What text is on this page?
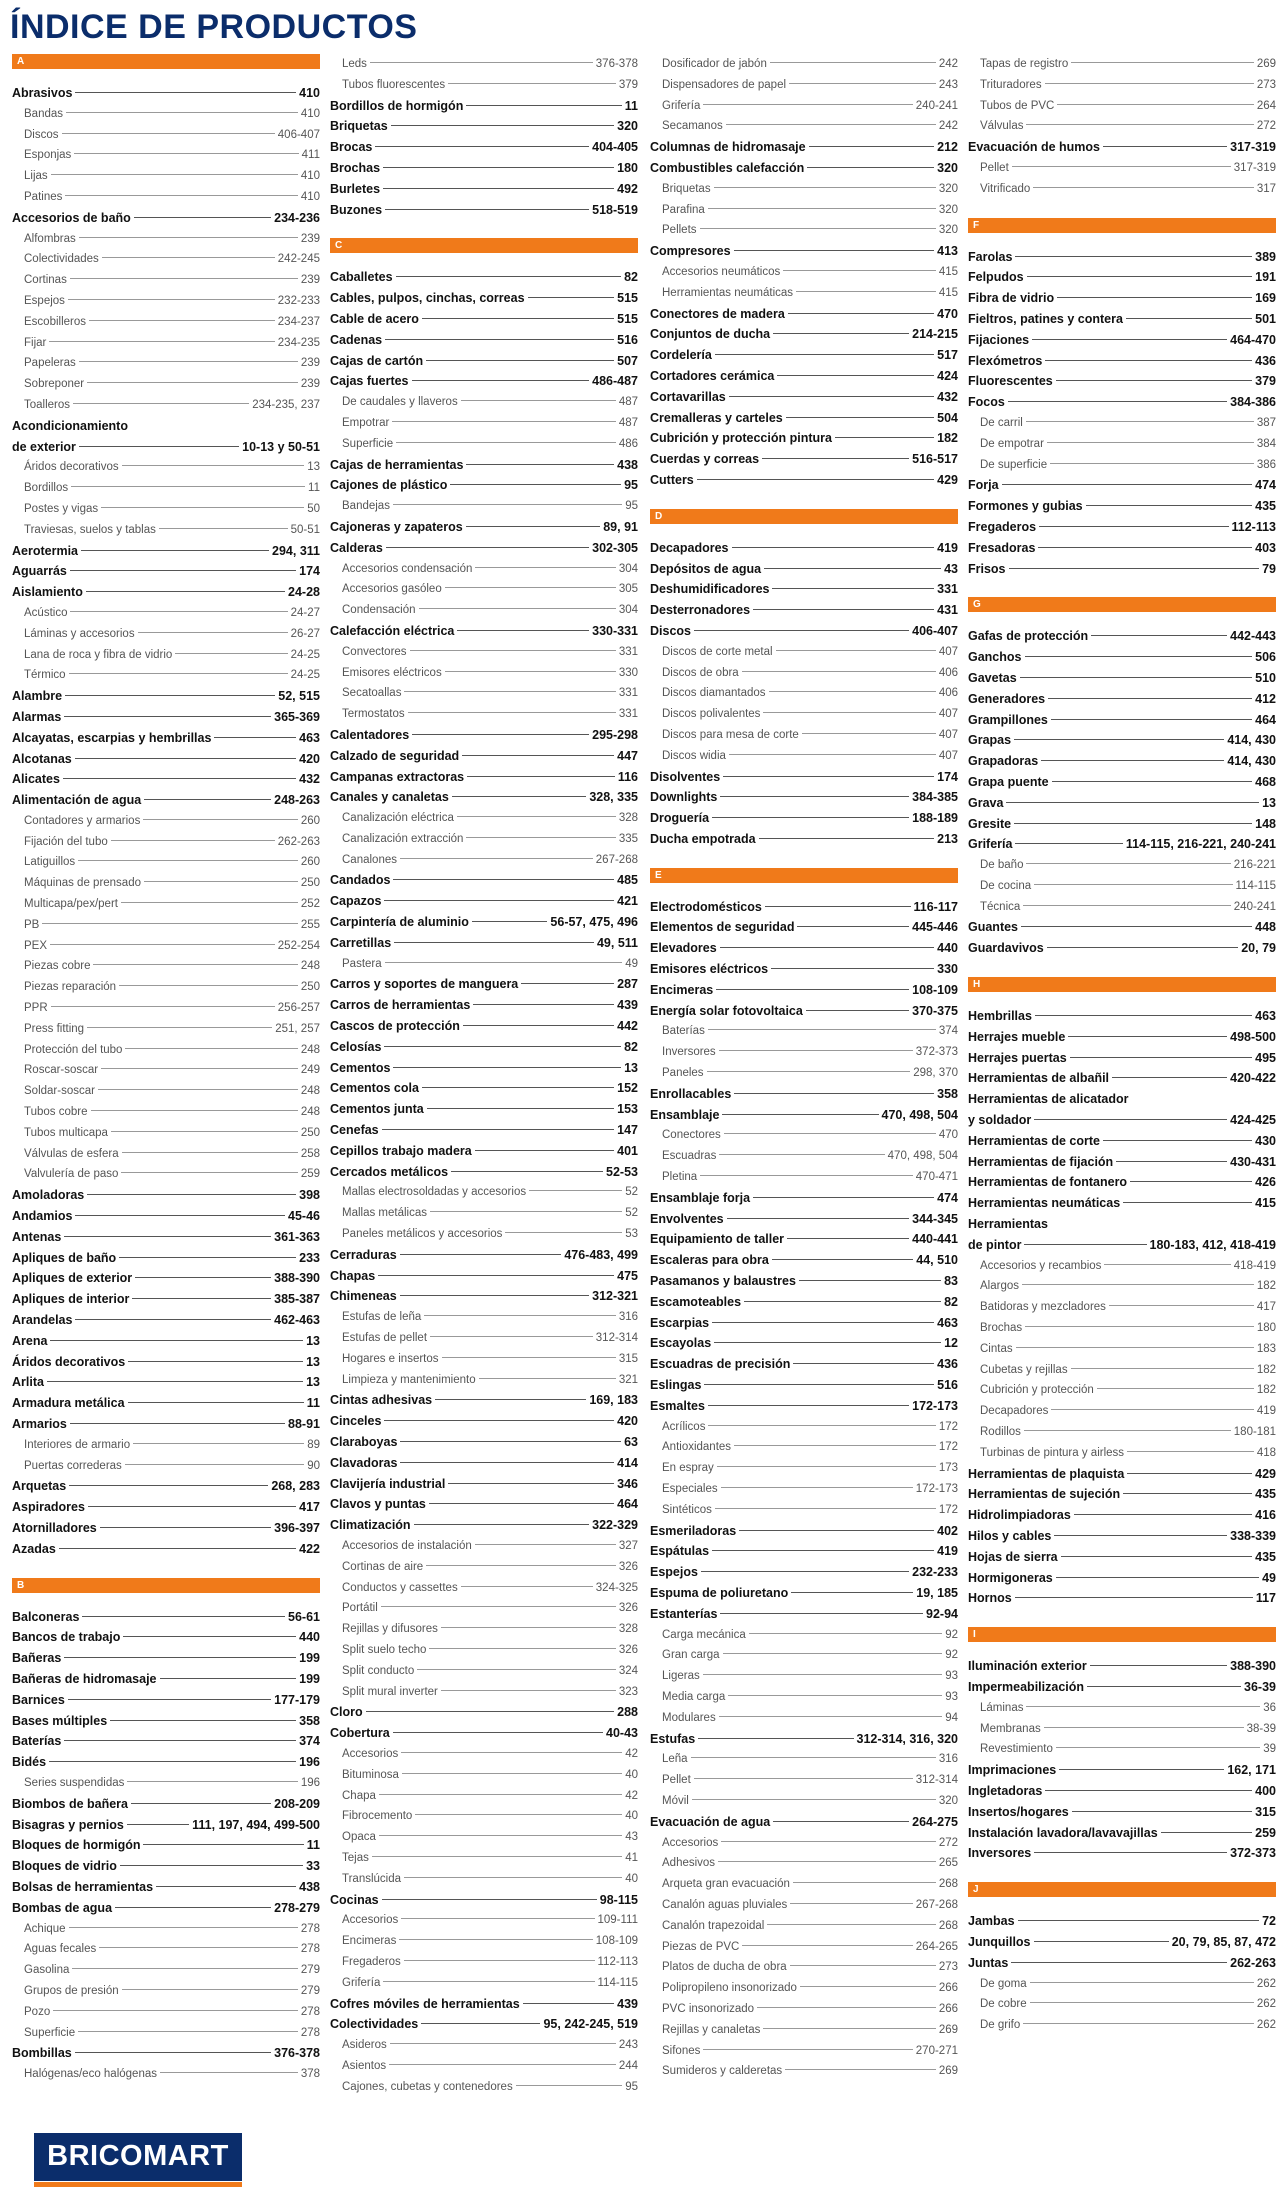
ÍNDICE DE PRODUCTOS
A
Abrasivos	410
Bandas	410
Discos	406-407
Esponjas	411
Lijas	410
Patines	410
Accesorios de baño	234-236
Alfombras	239
Colectividades	242-245
Cortinas	239
Espejos	232-233
Escobilleros	234-237
Fijar	234-235
Papeleras	239
Sobreponer	239
Toalleros	234-235, 237
Acondicionamiento
de exterior	10-13 y 50-51
Áridos decorativos	13
Bordillos	11
Postes y vigas	50
Traviesas, suelos y tablas	50-51
Aerotermia	294, 311
Aguarrás	174
Aislamiento	24-28
Acústico	24-27
Láminas y accesorios	26-27
Lana de roca y fibra de vidrio	24-25
Térmico	24-25
Alambre	52, 515
Alarmas	365-369
Alcayatas, escarpias y hembrillas	463
Alcotanas	420
Alicates	432
Alimentación de agua	248-263
Contadores y armarios	260
Fijación del tubo	262-263
Latiguillos	260
Máquinas de prensado	250
Multicapa/pex/pert	252
PB	255
PEX	252-254
Piezas cobre	248
Piezas reparación	250
PPR	256-257
Press fitting	251, 257
Protección del tubo	248
Roscar-soscar	249
Soldar-soscar	248
Tubos cobre	248
Tubos multicapa	250
Válvulas de esfera	258
Valvulería de paso	259
Amoladoras	398
Andamios	45-46
Antenas	361-363
Apliques de baño	233
Apliques de exterior	388-390
Apliques de interior	385-387
Arandelas	462-463
Arena	13
Áridos decorativos	13
Arlita	13
Armadura metálica	11
Armarios	88-91
Interiores de armario	89
Puertas correderas	90
Arquetas	268, 283
Aspiradores	417
Atornilladores	396-397
Azadas	422
B
Balconeras	56-61
Bancos de trabajo	440
Bañeras	199
Bañeras de hidromasaje	199
Barnices	177-179
Bases múltiples	358
Baterías	374
Bidés	196
Series suspendidas	196
Biombos de bañera	208-209
Bisagras y pernios	111, 197, 494, 499-500
Bloques de hormigón	11
Bloques de vidrio	33
Bolsas de herramientas	438
Bombas de agua	278-279
Achique	278
Aguas fecales	278
Gasolina	279
Grupos de presión	279
Pozo	278
Superficie	278
Bombillas	376-378
Halógenas/eco halógenas	378
Leds	376-378
Tubos fluorescentes	379
Bordillos de hormigón	11
Briquetas	320
Brocas	404-405
Brochas	180
Burletes	492
Buzones	518-519
C
Caballetes	82
Cables, pulpos, cinchas, correas	515
Cable de acero	515
Cadenas	516
Cajas de cartón	507
Cajas fuertes	486-487
De caudales y llaveros	487
Empotrar	487
Superficie	486
Cajas de herramientas	438
Cajones de plástico	95
Bandejas	95
Cajoneras y zapateros	89, 91
Calderas	302-305
Accesorios condensación	304
Accesorios gasóleo	305
Condensación	304
Calefacción eléctrica	330-331
Convectores	331
Emisores eléctricos	330
Secatoallas	331
Termostatos	331
Calentadores	295-298
Calzado de seguridad	447
Campanas extractoras	116
Canales y canaletas	328, 335
Canalización eléctrica	328
Canalización extracción	335
Canalones	267-268
Candados	485
Capazos	421
Carpintería de aluminio	56-57, 475, 496
Carretillas	49, 511
Pastera	49
Carros y soportes de manguera	287
Carros de herramientas	439
Cascos de protección	442
Celosías	82
Cementos	13
Cementos cola	152
Cementos junta	153
Cenefas	147
Cepillos trabajo madera	401
Cercados metálicos	52-53
Mallas electrosoldadas y accesorios	52
Mallas metálicas	52
Paneles metálicos y accesorios	53
Cerraduras	476-483, 499
Chapas	475
Chimeneas	312-321
Estufas de leña	316
Estufas de pellet	312-314
Hogares e insertos	315
Limpieza y mantenimiento	321
Cintas adhesivas	169, 183
Cinceles	420
Claraboyas	63
Clavadoras	414
Clavijería industrial	346
Clavos y puntas	464
Climatización	322-329
Accesorios de instalación	327
Cortinas de aire	326
Conductos y cassettes	324-325
Portátil	326
Rejillas y difusores	328
Split suelo techo	326
Split conducto	324
Split mural inverter	323
Cloro	288
Cobertura	40-43
Accesorios	42
Bituminosa	40
Chapa	42
Fibrocemento	40
Opaca	43
Tejas	41
Translúcida	40
Cocinas	98-115
Accesorios	109-111
Encimeras	108-109
Fregaderos	112-113
Grifería	114-115
Cofres móviles de herramientas	439
Colectividades	95, 242-245, 519
Asideros	243
Asientos	244
Cajones, cubetas y contenedores	95
Dosificador de jabón	242
Dispensadores de papel	243
Grifería	240-241
Secamanos	242
Columnas de hidromasaje	212
Combustibles calefacción	320
Briquetas	320
Parafina	320
Pellets	320
Compresores	413
Accesorios neumáticos	415
Herramientas neumáticas	415
Conectores de madera	470
Conjuntos de ducha	214-215
Cordelería	517
Cortadores cerámica	424
Cortavarillas	432
Cremalleras y carteles	504
Cubrición y protección pintura	182
Cuerdas y correas	516-517
Cutters	429
D
Decapadores	419
Depósitos de agua	43
Deshumidificadores	331
Desterronadores	431
Discos	406-407
Discos de corte metal	407
Discos de obra	406
Discos diamantados	406
Discos polivalentes	407
Discos para mesa de corte	407
Discos widia	407
Disolventes	174
Downlights	384-385
Droguería	188-189
Ducha empotrada	213
E
Electrodomésticos	116-117
Elementos de seguridad	445-446
Elevadores	440
Emisores eléctricos	330
Encimeras	108-109
Energía solar fotovoltaica	370-375
Baterías	374
Inversores	372-373
Paneles	298, 370
Enrollacables	358
Ensamblaje	470, 498, 504
Conectores	470
Escuadras	470, 498, 504
Pletina	470-471
Ensamblaje forja	474
Envolventes	344-345
Equipamiento de taller	440-441
Escaleras para obra	44, 510
Pasamanos y balaustres	83
Escamoteables	82
Escarpias	463
Escayolas	12
Escuadras de precisión	436
Eslingas	516
Esmaltes	172-173
Acrílicos	172
Antioxidantes	172
En espray	173
Especiales	172-173
Sintéticos	172
Esmeriladoras	402
Espátulas	419
Espejos	232-233
Espuma de poliuretano	19, 185
Estanterías	92-94
Carga mecánica	92
Gran carga	92
Ligeras	93
Media carga	93
Modulares	94
Estufas	312-314, 316, 320
Leña	316
Pellet	312-314
Móvil	320
Evacuación de agua	264-275
Accesorios	272
Adhesivos	265
Arqueta gran evacuación	268
Canalón aguas pluviales	267-268
Canalón trapezoidal	268
Piezas de PVC	264-265
Platos de ducha de obra	273
Polipropileno insonorizado	266
PVC insonorizado	266
Rejillas y canaletas	269
Sifones	270-271
Sumideros y calderetas	269
Tapas de registro	269
Trituradores	273
Tubos de PVC	264
Válvulas	272
Evacuación de humos	317-319
Pellet	317-319
Vitrificado	317
F
Farolas	389
Felpudos	191
Fibra de vidrio	169
Fieltros, patines y contera	501
Fijaciones	464-470
Flexómetros	436
Fluorescentes	379
Focos	384-386
De carril	387
De empotrar	384
De superficie	386
Forja	474
Formones y gubias	435
Fregaderos	112-113
Fresadoras	403
Frisos	79
G
Gafas de protección	442-443
Ganchos	506
Gavetas	510
Generadores	412
Grampillones	464
Grapas	414, 430
Grapadoras	414, 430
Grapa puente	468
Grava	13
Gresite	148
Grifería	114-115, 216-221, 240-241
De baño	216-221
De cocina	114-115
Técnica	240-241
Guantes	448
Guardavivos	20, 79
H
Hembrillas	463
Herrajes mueble	498-500
Herrajes puertas	495
Herramientas de albañil	420-422
Herramientas de alicatador
y soldador	424-425
Herramientas de corte	430
Herramientas de fijación	430-431
Herramientas de fontanero	426
Herramientas neumáticas	415
Herramientas
de pintor	180-183, 412, 418-419
Accesorios y recambios	418-419
Alargos	182
Batidoras y mezcladores	417
Brochas	180
Cintas	183
Cubetas y rejillas	182
Cubrición y protección	182
Decapadores	419
Rodillos	180-181
Turbinas de pintura y airless	418
Herramientas de plaquista	429
Herramientas de sujeción	435
Hidrolimpiadoras	416
Hilos y cables	338-339
Hojas de sierra	435
Hormigoneras	49
Hornos	117
I
Iluminación exterior	388-390
Impermeabilización	36-39
Láminas	36
Membranas	38-39
Revestimiento	39
Imprimaciones	162, 171
Ingletadoras	400
Insertos/hogares	315
Instalación lavadora/lavavajillas	259
Inversores	372-373
J
Jambas	72
Junquillos	20, 79, 85, 87, 472
Juntas	262-263
De goma	262
De cobre	262
De grifo	262
BRICOMART
